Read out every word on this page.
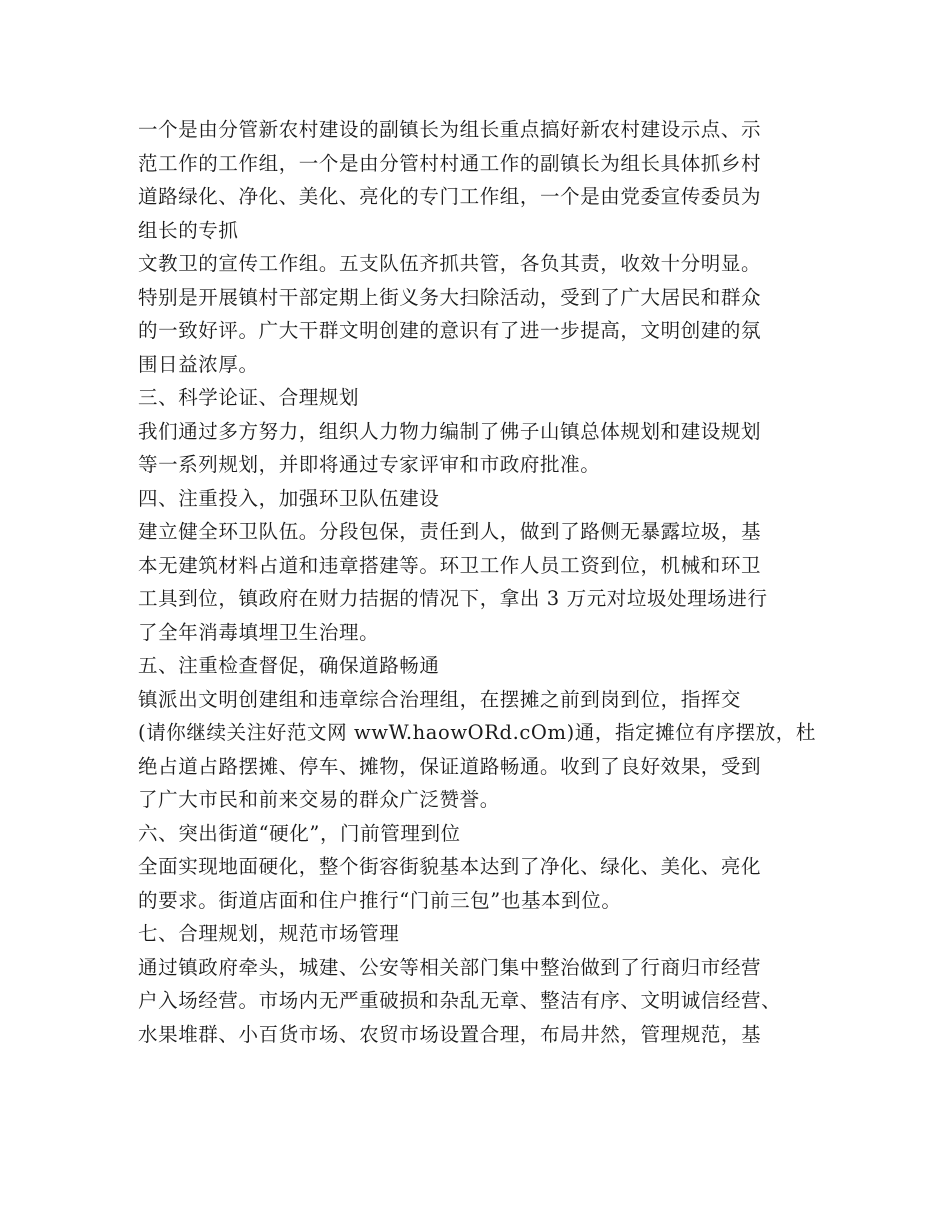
一个是由分管新农村建设的副镇长为组长重点搞好新农村建设示点、示
范工作的工作组，一个是由分管村村通工作的副镇长为组长具体抓乡村
道路绿化、净化、美化、亮化的专门工作组，一个是由党委宣传委员为
组长的专抓
文教卫的宣传工作组。五支队伍齐抓共管，各负其责，收效十分明显。
特别是开展镇村干部定期上街义务大扫除活动，受到了广大居民和群众
的一致好评。广大干群文明创建的意识有了进一步提高，文明创建的氛
围日益浓厚。
三、科学论证、合理规划
我们通过多方努力，组织人力物力编制了佛子山镇总体规划和建设规划
等一系列规划，并即将通过专家评审和市政府批准。
四、注重投入，加强环卫队伍建设
建立健全环卫队伍。分段包保，责任到人，做到了路侧无暴露垃圾，基
本无建筑材料占道和违章搭建等。环卫工作人员工资到位，机械和环卫
工具到位，镇政府在财力拮据的情况下，拿出 3 万元对垃圾处理场进行
了全年消毒填埋卫生治理。
五、注重检查督促，确保道路畅通
镇派出文明创建组和违章综合治理组，在摆摊之前到岗到位，指挥交
(请你继续关注好范文网 wwW.haowORd.cOm)通，指定摊位有序摆放，杜
绝占道占路摆摊、停车、摊物，保证道路畅通。收到了良好效果，受到
了广大市民和前来交易的群众广泛赞誉。
六、突出街道“硬化”，门前管理到位
全面实现地面硬化，整个街容街貌基本达到了净化、绿化、美化、亮化
的要求。街道店面和住户推行“门前三包”也基本到位。
七、合理规划，规范市场管理
通过镇政府牵头，城建、公安等相关部门集中整治做到了行商归市经营
户入场经营。市场内无严重破损和杂乱无章、整洁有序、文明诚信经营、
水果堆群、小百货市场、农贸市场设置合理，布局井然，管理规范，基
